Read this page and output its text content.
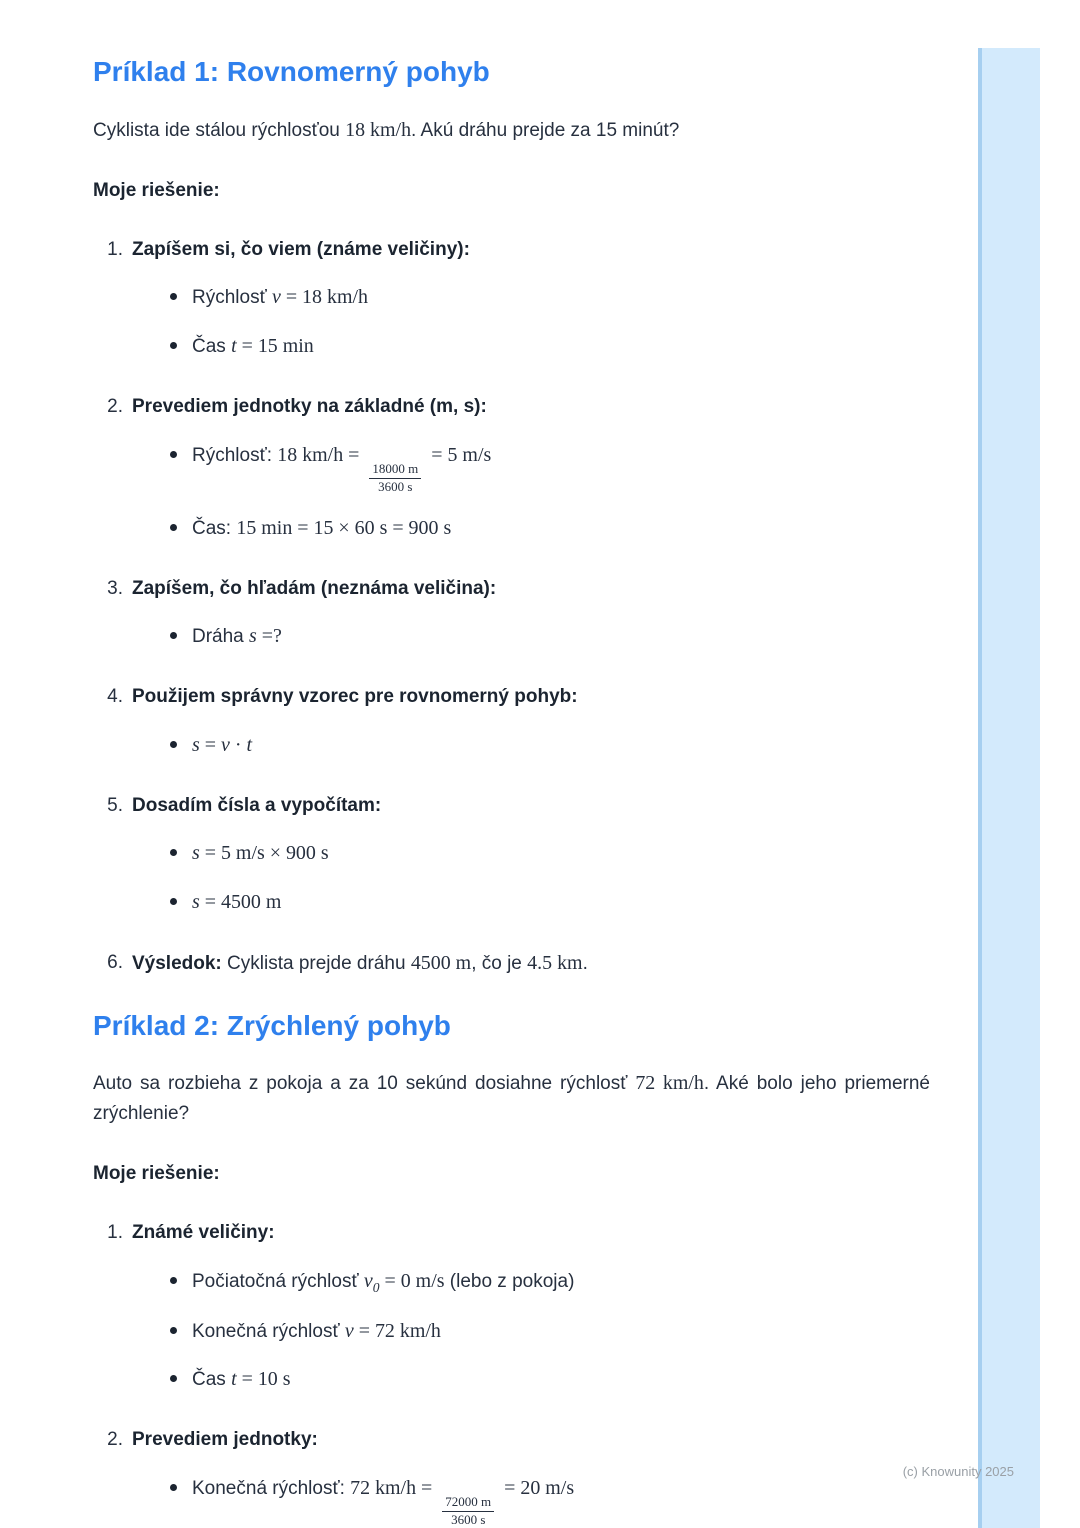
Príklad 1: Rovnomerný pohyb

Cyklista ide stálou rýchlosťou 18 km/h. Akú dráhu prejde za 15 minút?

Moje riešenie:

1. Zapíšem si, čo viem (známe veličiny):

Rýchlosť v = 18 km/h

Čas t = 15 min

2. Prevediem jednotky na základné (m, s):

Rýchlosť: 18 km/h =
$\frac{18000 m}{3600 s}$
= 5 m/s

Čas: 15 min = 15 × 60 s = 900 s

3. Zapíšem, čo hľadám (neznáma veličina):

Dráha s =?

4. Použijem správny vzorec pre rovnomerný pohyb:

s = v · t

5. Dosadím čísla a vypočítam:

s = 5 m/s × 900 s

s = 4500 m

6. Výsledok: Cyklista prejde dráhu 4500 m, čo je 4.5 km.

Príklad 2: Zrýchlený pohyb

Auto sa rozbieha z pokoja a za 10 sekúnd dosiahne rýchlosť 72 km/h. Aké bolo jeho priemerné zrýchlenie?

Moje riešenie:

1. Známé veličiny:

Počiatočná rýchlosť $v_0 = 0$ m/s (lebo z pokoja)

Konečná rýchlosť v = 72 km/h

Čas t = 10 s

2. Prevediem jednotky:

Konečná rýchlosť: 72 km/h =
$\frac{72000 m}{3600 s}$
= 20 m/s

(c) Knowunity 2025
